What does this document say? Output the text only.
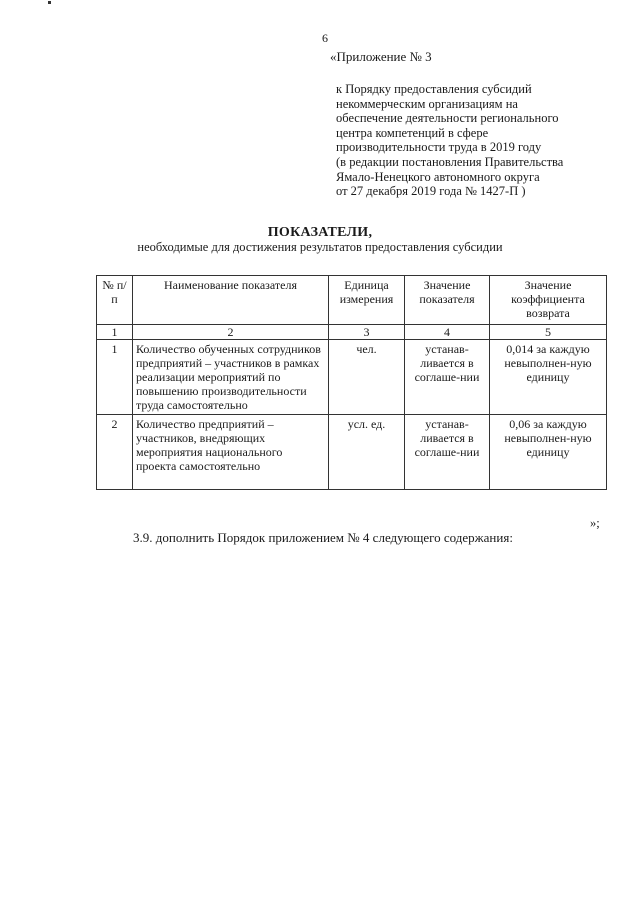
6
«Приложение № 3
к Порядку предоставления субсидий
некоммерческим организациям на
обеспечение деятельности регионального
центра компетенций в сфере
производительности труда в 2019 году
(в редакции постановления Правительства
Ямало-Ненецкого автономного округа
от 27 декабря 2019 года № 1427-П )
ПОКАЗАТЕЛИ,
необходимые для достижения результатов предоставления субсидии
№ п/п	Наименование показателя	Единица измерения	Значение показателя	Значение коэффициента возврата
1	2	3	4	5
1	Количество обученных сотрудников предприятий – участников в рамках реализации мероприятий по повышению производительности труда самостоятельно	чел.	устанав-ливается в соглаше-нии	0,014 за каждую невыполнен-ную единицу
2	Количество предприятий – участников, внедряющих мероприятия национального проекта самостоятельно	усл. ед.	устанав-ливается в соглаше-нии	0,06 за каждую невыполнен-ную единицу
»;
3.9. дополнить Порядок приложением № 4 следующего содержания:
